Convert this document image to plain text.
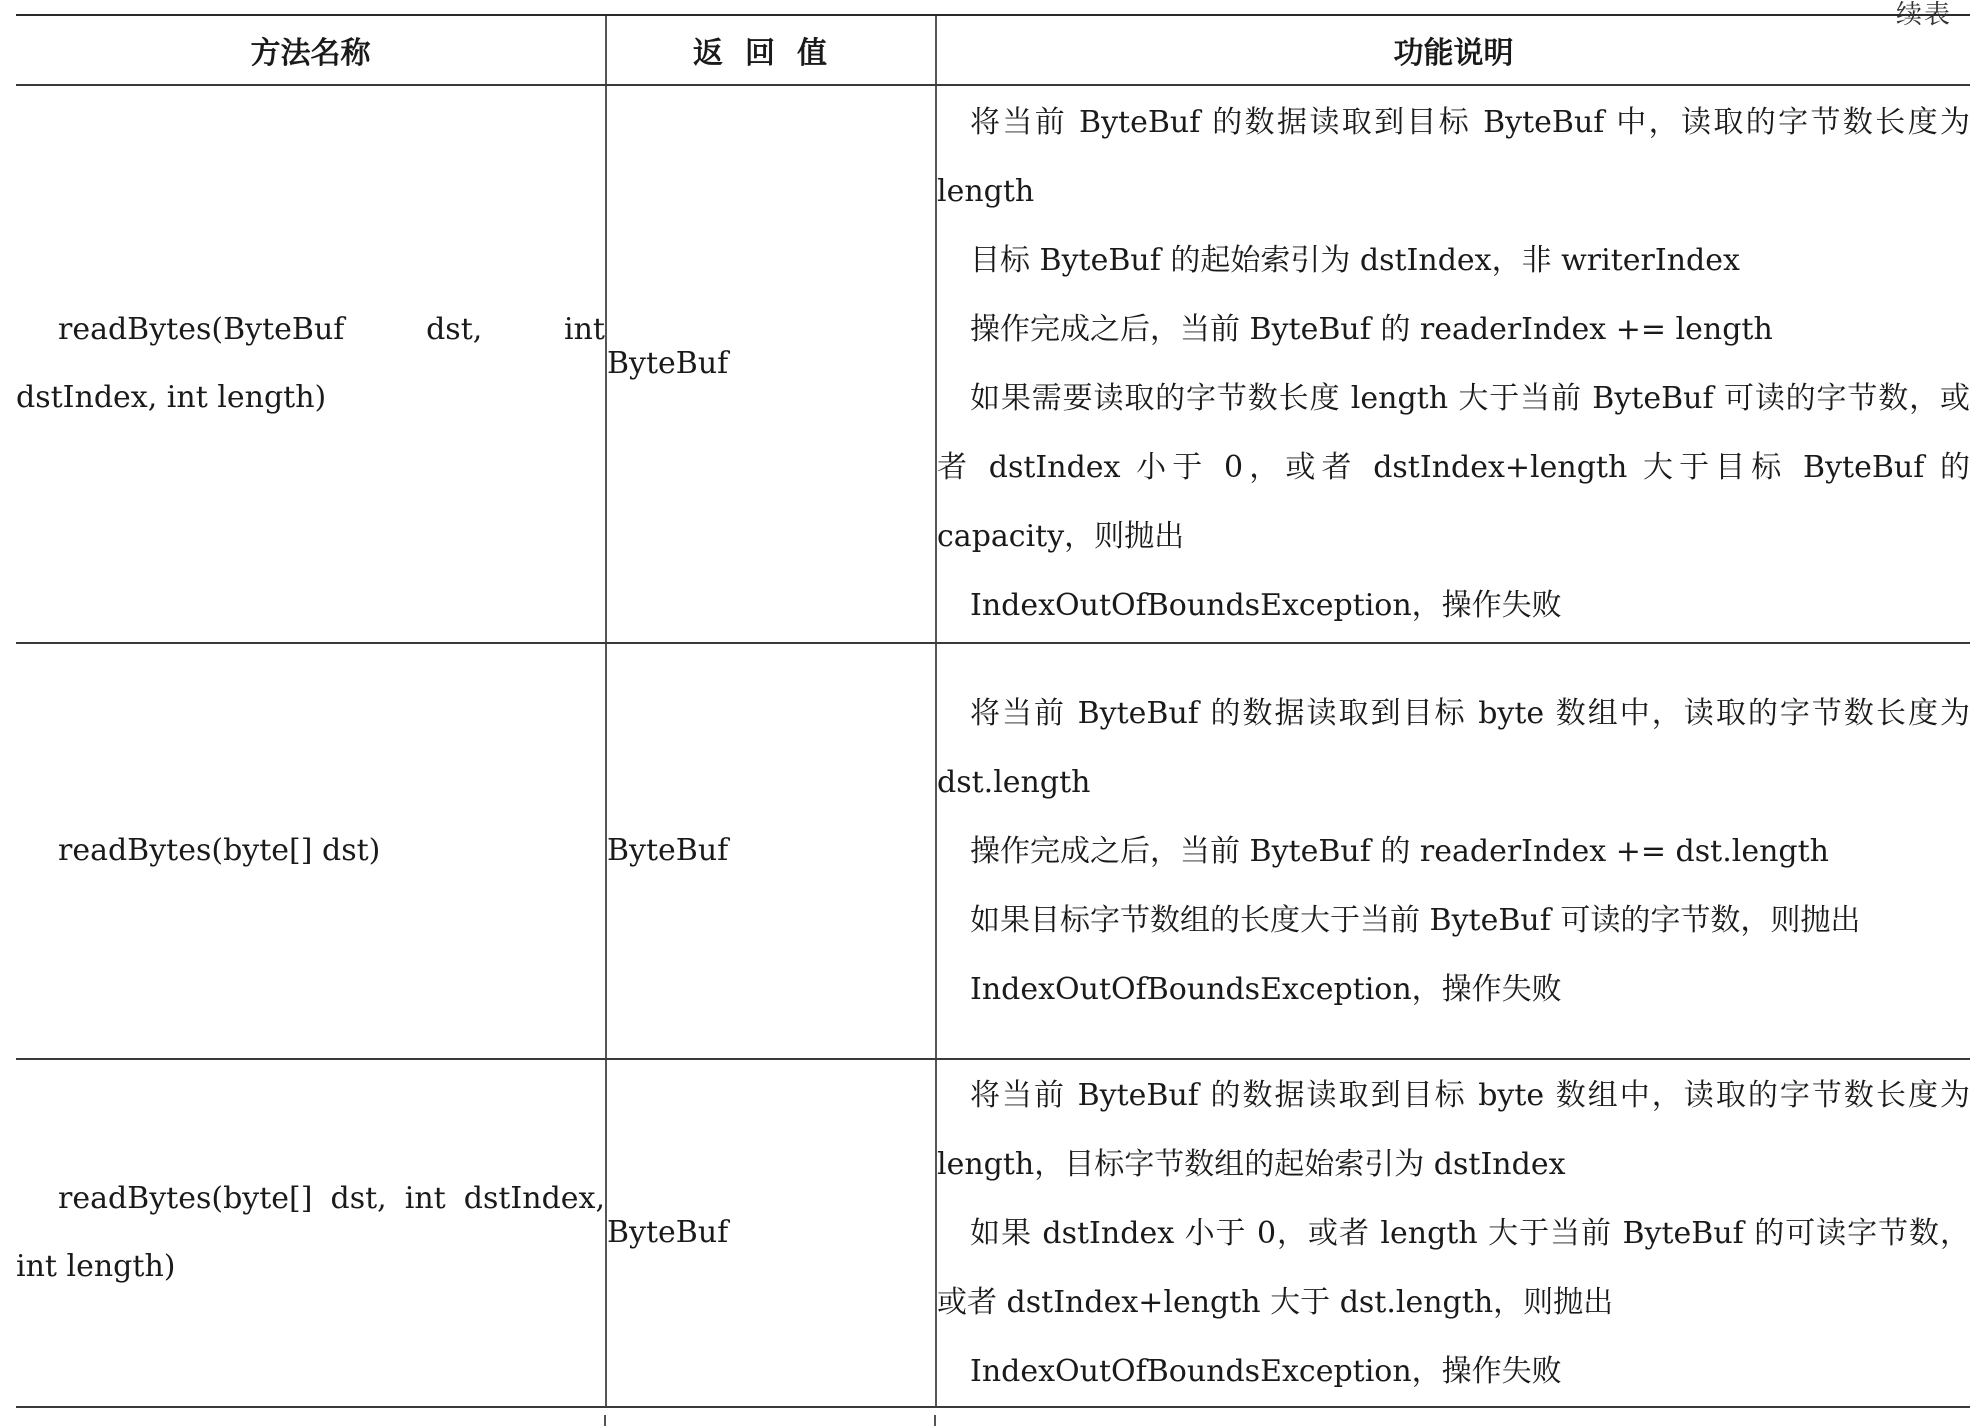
续表
方法名称	返回值	功能说明

readBytes(ByteBuf dst, int dstIndex, int length)	ByteBuf	将当前 ByteBuf 的数据读取到目标 ByteBuf 中，读取的字节数长度为 length

目标 ByteBuf 的起始索引为 dstIndex，非 writerIndex

操作完成之后，当前 ByteBuf 的 readerIndex += length

如果需要读取的字节数长度 length 大于当前 ByteBuf 可读的字节数，或者 dstIndex 小于 0，或者 dstIndex+length 大于目标 ByteBuf 的 capacity，则抛出

IndexOutOfBoundsException，操作失败

readBytes(byte[] dst)	ByteBuf	将当前 ByteBuf 的数据读取到目标 byte 数组中，读取的字节数长度为 dst.length

操作完成之后，当前 ByteBuf 的 readerIndex += dst.length

如果目标字节数组的长度大于当前 ByteBuf 可读的字节数，则抛出

IndexOutOfBoundsException，操作失败

readBytes(byte[] dst, int dstIndex, int length)	ByteBuf	将当前 ByteBuf 的数据读取到目标 byte 数组中，读取的字节数长度为 length，目标字节数组的起始索引为 dstIndex

如果 dstIndex 小于 0，或者 length 大于当前 ByteBuf 的可读字节数，或者 dstIndex+length 大于 dst.length，则抛出

IndexOutOfBoundsException，操作失败
